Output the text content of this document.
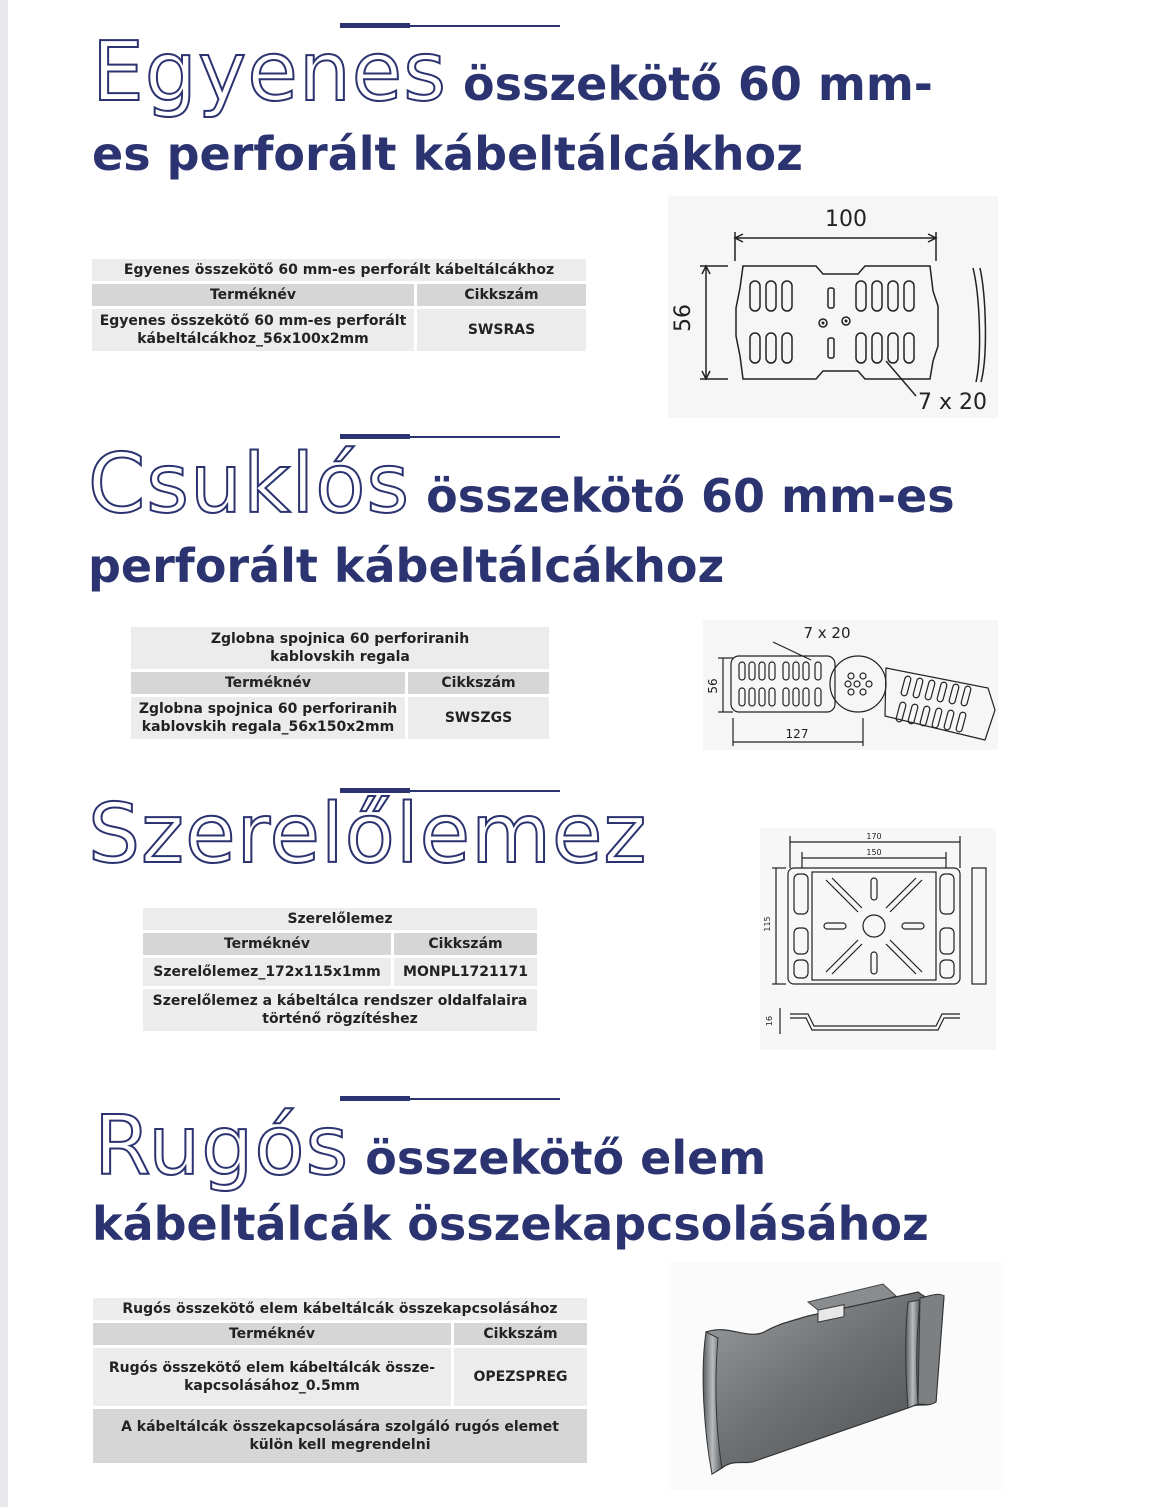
Egyenes összekötő 60 mm-
es perforált kábeltálcákhoz
Egyenes összekötő 60 mm-es perforált kábeltálcákhoz	
Terméknév	Cikkszám

Egyenes összekötő 60 mm-es perforált
kábeltálcákhoz_56x100x2mm	SWSRAS
100
56
7 x 20
Csuklós összekötő 60 mm-es
perforált kábeltálcákhoz
Zglobna spojnica 60 perforiranih
kablovskih regala	

Terméknév	Cikkszám

Zglobna spojnica 60 perforiranih
kablovskih regala_56x150x2mm	SWSZGS
7 x 20
56
127
Szerelőlemez
Szerelőlemez	
Terméknév	Cikkszám
Szerelőlemez_172x115x1mm	MONPL1721171

Szerelőlemez a kábeltálca rendszer oldalfalaira
történő rögzítéshez	
170
150
115
16
Rugós összekötő elem
kábeltálcák összekapcsolásához
Rugós összekötő elem kábeltálcák összekapcsolásához	
Terméknév	Cikkszám

Rugós összekötő elem kábeltálcák össze-
kapcsolásához_0.5mm	OPEZSPREG

A kábeltálcák összekapcsolására szolgáló rugós elemet
külön kell megrendelni	
